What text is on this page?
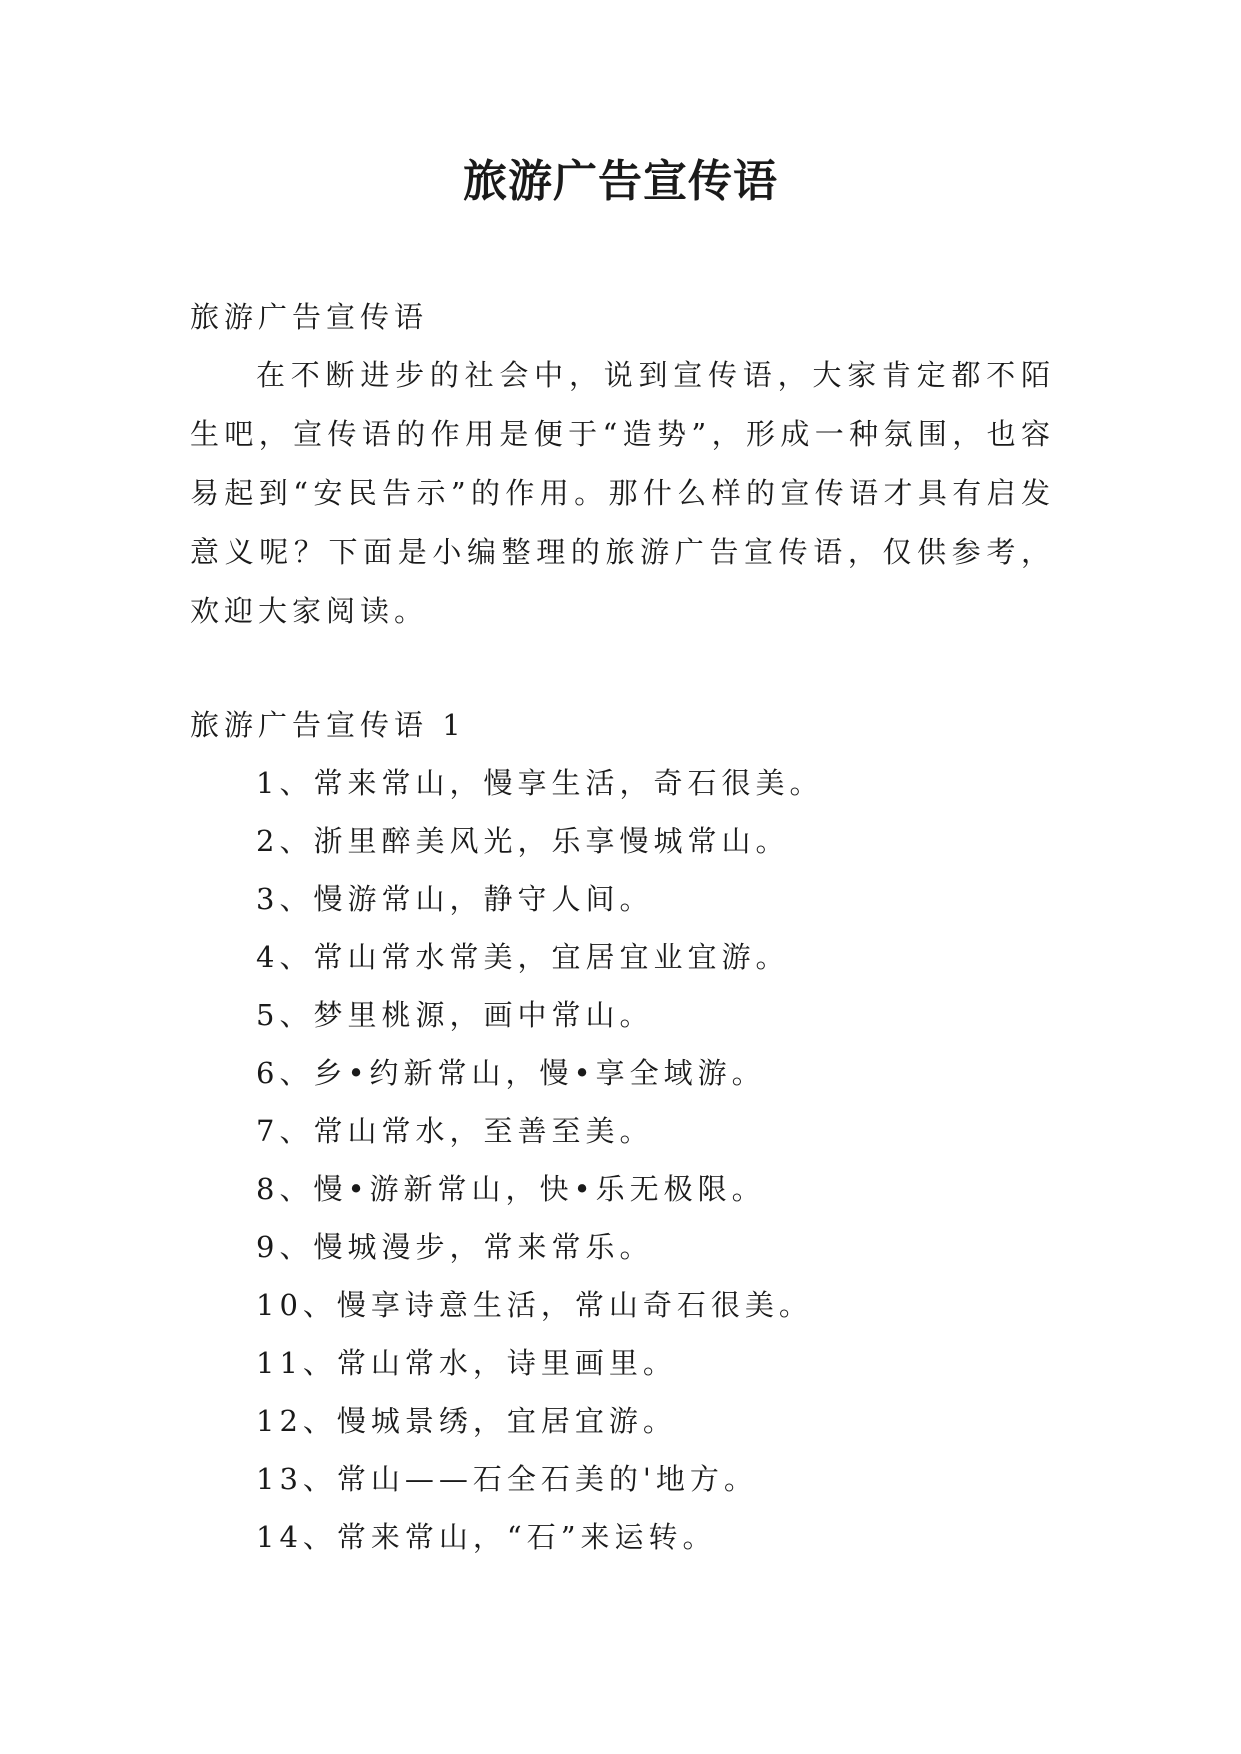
旅游广告宣传语
旅游广告宣传语

在不断进步的社会中，说到宣传语，大家肯定都不陌生吧，宣传语的作用是便于“造势”，形成一种氛围，也容易起到“安民告示”的作用。那什么样的宣传语才具有启发意义呢？下面是小编整理的旅游广告宣传语，仅供参考，欢迎大家阅读。

旅游广告宣传语 1
1、常来常山，慢享生活，奇石很美。
2、浙里醉美风光，乐享慢城常山。
3、慢游常山，静守人间。
4、常山常水常美，宜居宜业宜游。
5、梦里桃源，画中常山。
6、乡•约新常山，慢•享全域游。
7、常山常水，至善至美。
8、慢•游新常山，快•乐无极限。
9、慢城漫步，常来常乐。
10、慢享诗意生活，常山奇石很美。
11、常山常水，诗里画里。
12、慢城景绣，宜居宜游。
13、常山——石全石美的'地方。
14、常来常山，“石”来运转。
